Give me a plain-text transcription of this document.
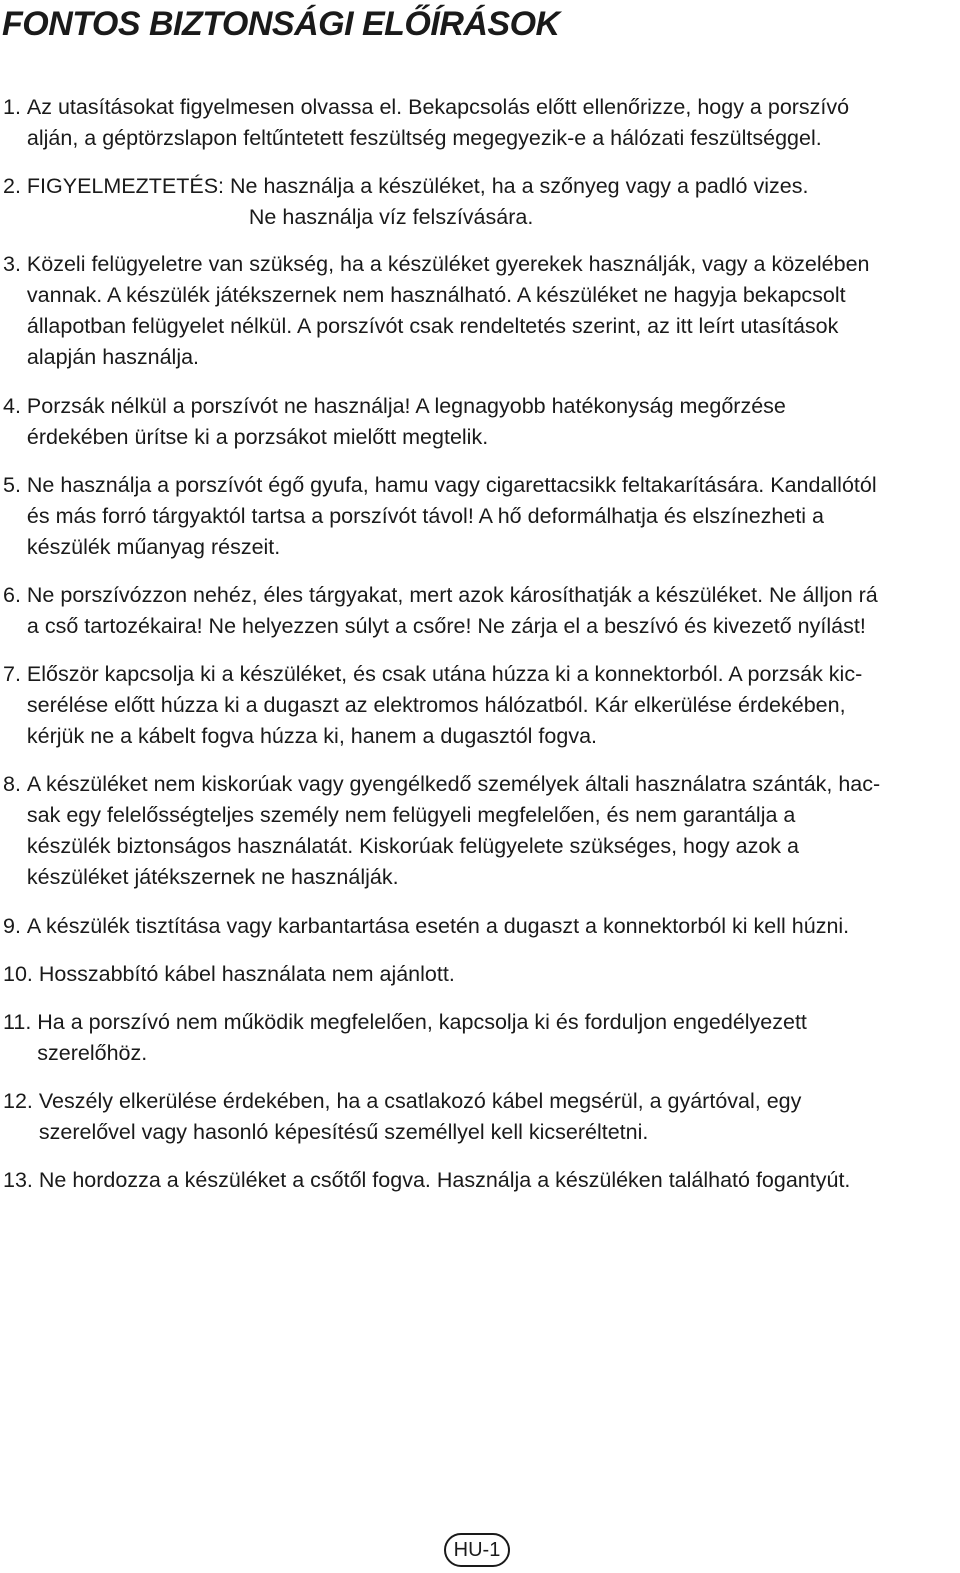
FONTOS BIZTONSÁGI ELŐÍRÁSOK
1. Az utasításokat figyelmesen olvassa el. Bekapcsolás előtt ellenőrizze, hogy a porszívó
alján, a géptörzslapon feltűntetett feszültség megegyezik-e a hálózati feszültséggel.
2. FIGYELMEZTETÉS: Ne használja a készüléket, ha a szőnyeg vagy a padló vizes.
Ne használja víz felszívására.
3. Közeli felügyeletre van szükség, ha a készüléket gyerekek használják, vagy a közelében
vannak. A készülék játékszernek nem használható. A készüléket ne hagyja bekapcsolt
állapotban felügyelet nélkül. A porszívót csak rendeltetés szerint, az itt leírt utasítások
alapján használja.
4. Porzsák nélkül a porszívót ne használja! A legnagyobb hatékonyság megőrzése
érdekében ürítse ki a porzsákot mielőtt megtelik.
5. Ne használja a porszívót égő gyufa, hamu vagy cigarettacsikk feltakarítására. Kandallótól
és más forró tárgyaktól tartsa a porszívót távol! A hő deformálhatja és elszínezheti a
készülék műanyag részeit.
6. Ne porszívózzon nehéz, éles tárgyakat, mert azok károsíthatják a készüléket. Ne álljon rá
a cső tartozékaira! Ne helyezzen súlyt a csőre! Ne zárja el a beszívó és kivezető nyílást!
7. Először kapcsolja ki a készüléket, és csak utána húzza ki a konnektorból. A porzsák kic-
serélése előtt húzza ki a dugaszt az elektromos hálózatból. Kár elkerülése érdekében,
kérjük ne a kábelt fogva húzza ki, hanem a dugasztól fogva.
8. A készüléket nem kiskorúak vagy gyengélkedő személyek általi használatra szánták, hac-
sak egy felelősségteljes személy nem felügyeli megfelelően, és nem garantálja a
készülék biztonságos használatát. Kiskorúak felügyelete szükséges, hogy azok a
készüléket játékszernek ne használják.
9. A készülék tisztítása vagy karbantartása esetén a dugaszt a konnektorból ki kell húzni.
10. Hosszabbító kábel használata nem ajánlott.
11. Ha a porszívó nem működik megfelelően, kapcsolja ki és forduljon engedélyezett
szerelőhöz.
12. Veszély elkerülése érdekében, ha a csatlakozó kábel megsérül, a gyártóval, egy
szerelővel vagy hasonló képesítésű személlyel kell kicseréltetni.
13. Ne hordozza a készüléket a csőtől fogva. Használja a készüléken található fogantyút.
HU-1
